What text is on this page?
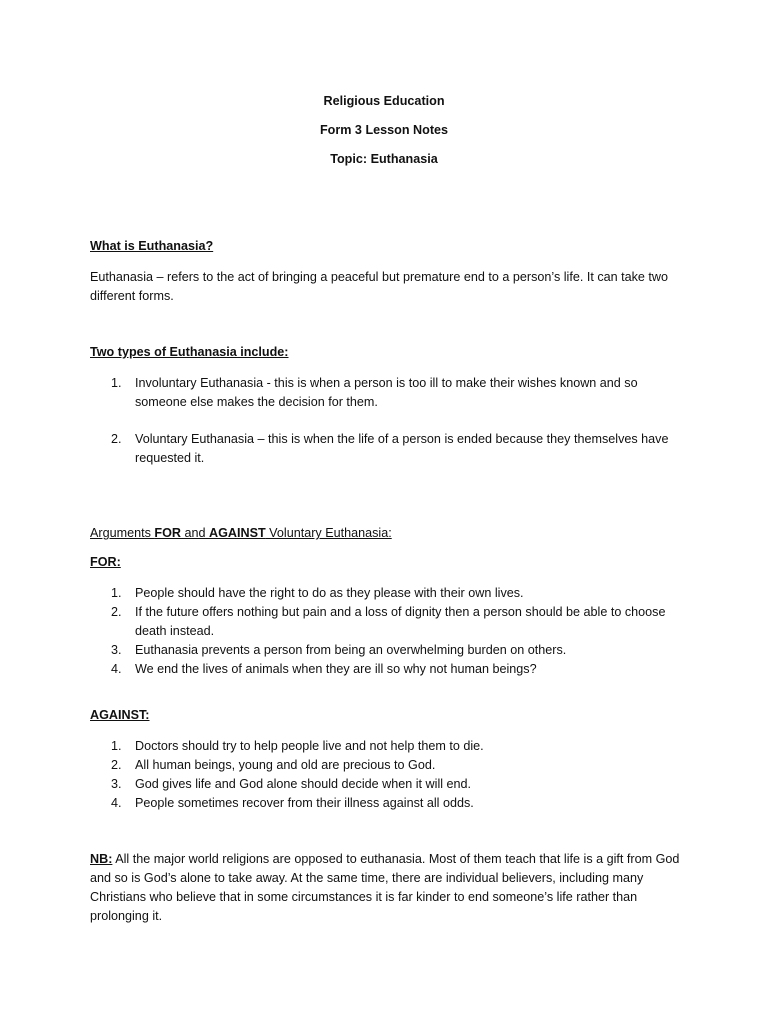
Religious Education
Form 3 Lesson Notes
Topic: Euthanasia
What is Euthanasia?
Euthanasia – refers to the act of bringing a peaceful but premature end to a person’s life. It can take two different forms.
Two types of Euthanasia include:
1.	Involuntary Euthanasia - this is when a person is too ill to make their wishes known and so someone else makes the decision for them.
2.	Voluntary Euthanasia – this is when the life of a person is ended because they themselves have requested it.
Arguments FOR and AGAINST Voluntary Euthanasia:
FOR:
1.	People should have the right to do as they please with their own lives.
2.	If the future offers nothing but pain and a loss of dignity then a person should be able to choose death instead.
3.	Euthanasia prevents a person from being an overwhelming burden on others.
4.	We end the lives of animals when they are ill so why not human beings?
AGAINST:
1.	Doctors should try to help people live and not help them to die.
2.	All human beings, young and old are precious to God.
3.	God gives life and God alone should decide when it will end.
4.	People sometimes recover from their illness against all odds.
NB: All the major world religions are opposed to euthanasia. Most of them teach that life is a gift from God and so is God’s alone to take away. At the same time, there are individual believers, including many Christians who believe that in some circumstances it is far kinder to end someone’s life rather than prolonging it.
